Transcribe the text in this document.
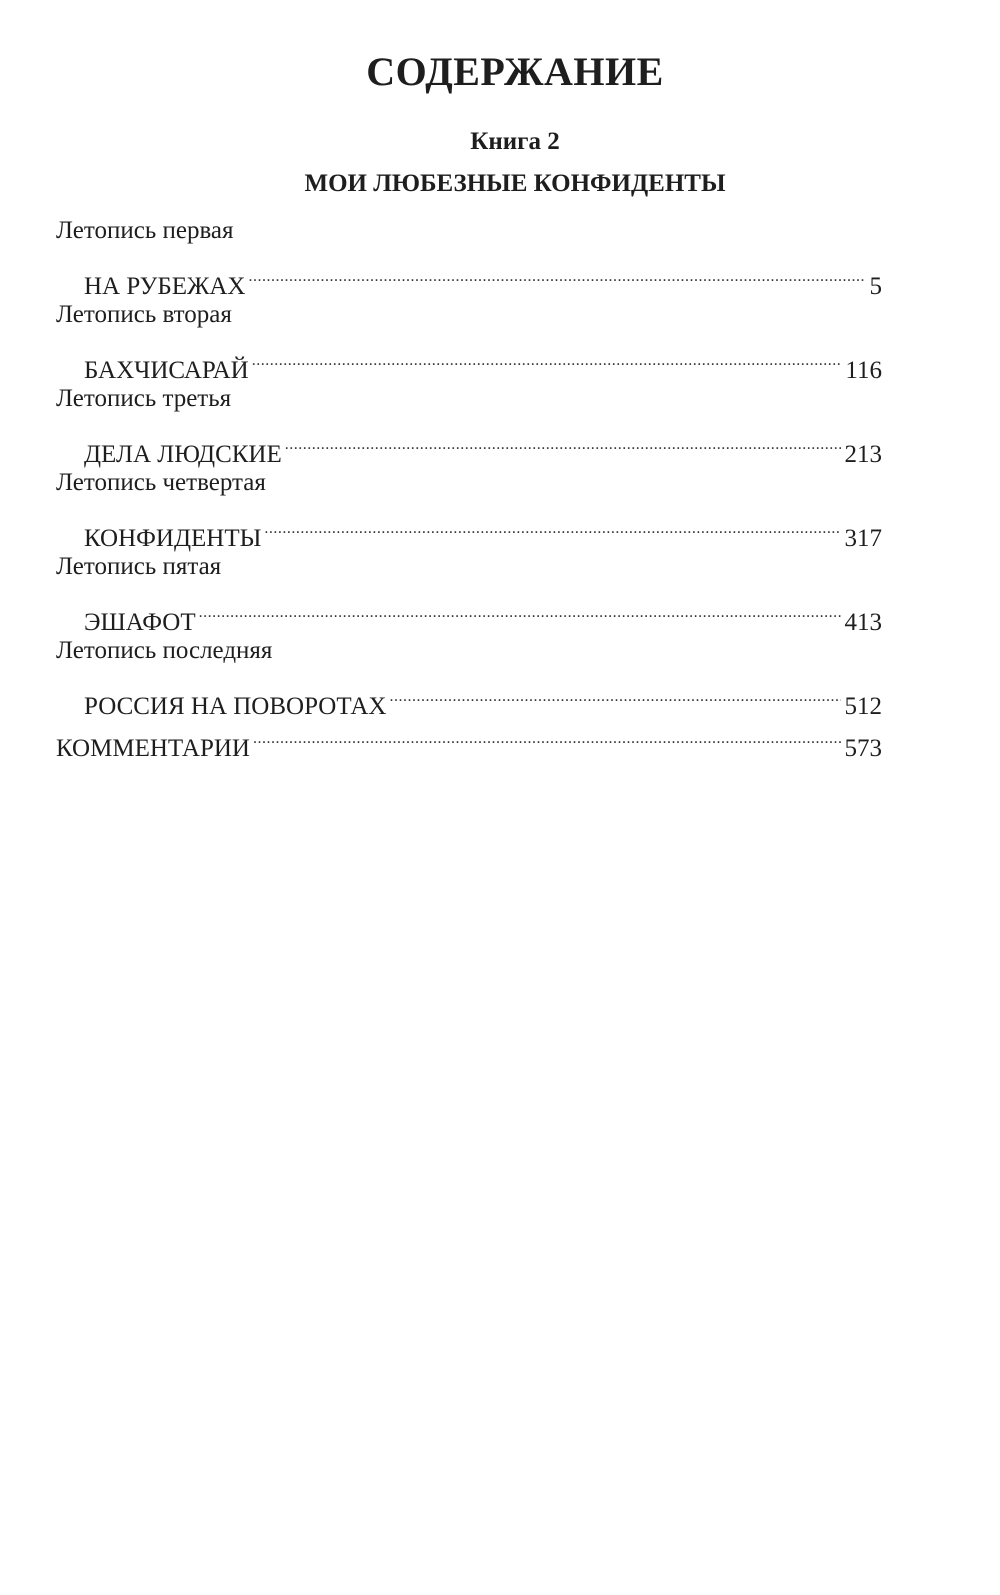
СОДЕРЖАНИЕ
Книга 2
МОИ ЛЮБЕЗНЫЕ КОНФИДЕНТЫ
Летопись первая
НА РУБЕЖАХ .....	5
Летопись вторая
БАХЧИСАРАЙ .....	116
Летопись третья
ДЕЛА ЛЮДСКИЕ .....	213
Летопись четвертая
КОНФИДЕНТЫ .....	317
Летопись пятая
ЭШАФОТ .....	413
Летопись последняя
РОССИЯ НА ПОВОРОТАХ .....	512
КОММЕНТАРИИ .....	573
